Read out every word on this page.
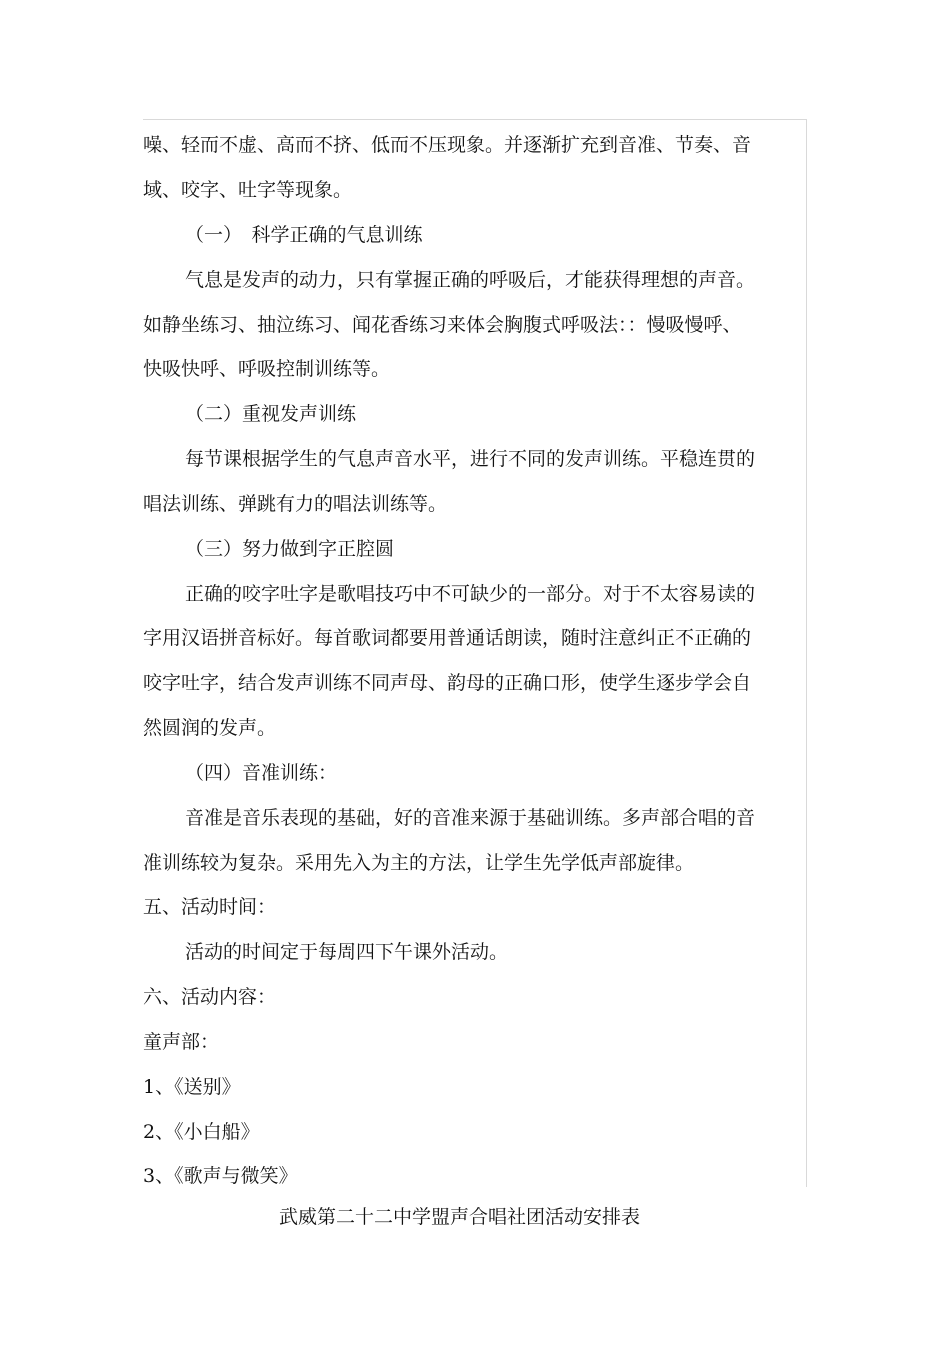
噪、轻而不虚、高而不挤、低而不压现象。并逐渐扩充到音准、节奏、音
域、咬字、吐字等现象。
（一）　科学正确的气息训练
气息是发声的动力，只有掌握正确的呼吸后，才能获得理想的声音。
如静坐练习、抽泣练习、闻花香练习来体会胸腹式呼吸法：：慢吸慢呼、
快吸快呼、呼吸控制训练等。
（二）重视发声训练
每节课根据学生的气息声音水平，进行不同的发声训练。平稳连贯的
唱法训练、弹跳有力的唱法训练等。
（三）努力做到字正腔圆
正确的咬字吐字是歌唱技巧中不可缺少的一部分。对于不太容易读的
字用汉语拼音标好。每首歌词都要用普通话朗读，随时注意纠正不正确的
咬字吐字，结合发声训练不同声母、韵母的正确口形，使学生逐步学会自
然圆润的发声。
（四）音准训练：
音准是音乐表现的基础，好的音准来源于基础训练。多声部合唱的音
准训练较为复杂。采用先入为主的方法，让学生先学低声部旋律。
五、活动时间：
活动的时间定于每周四下午课外活动。
六、活动内容：
童声部：
1、《送别》
2、《小白船》
3、《歌声与微笑》
武威第二十二中学盟声合唱社团活动安排表
